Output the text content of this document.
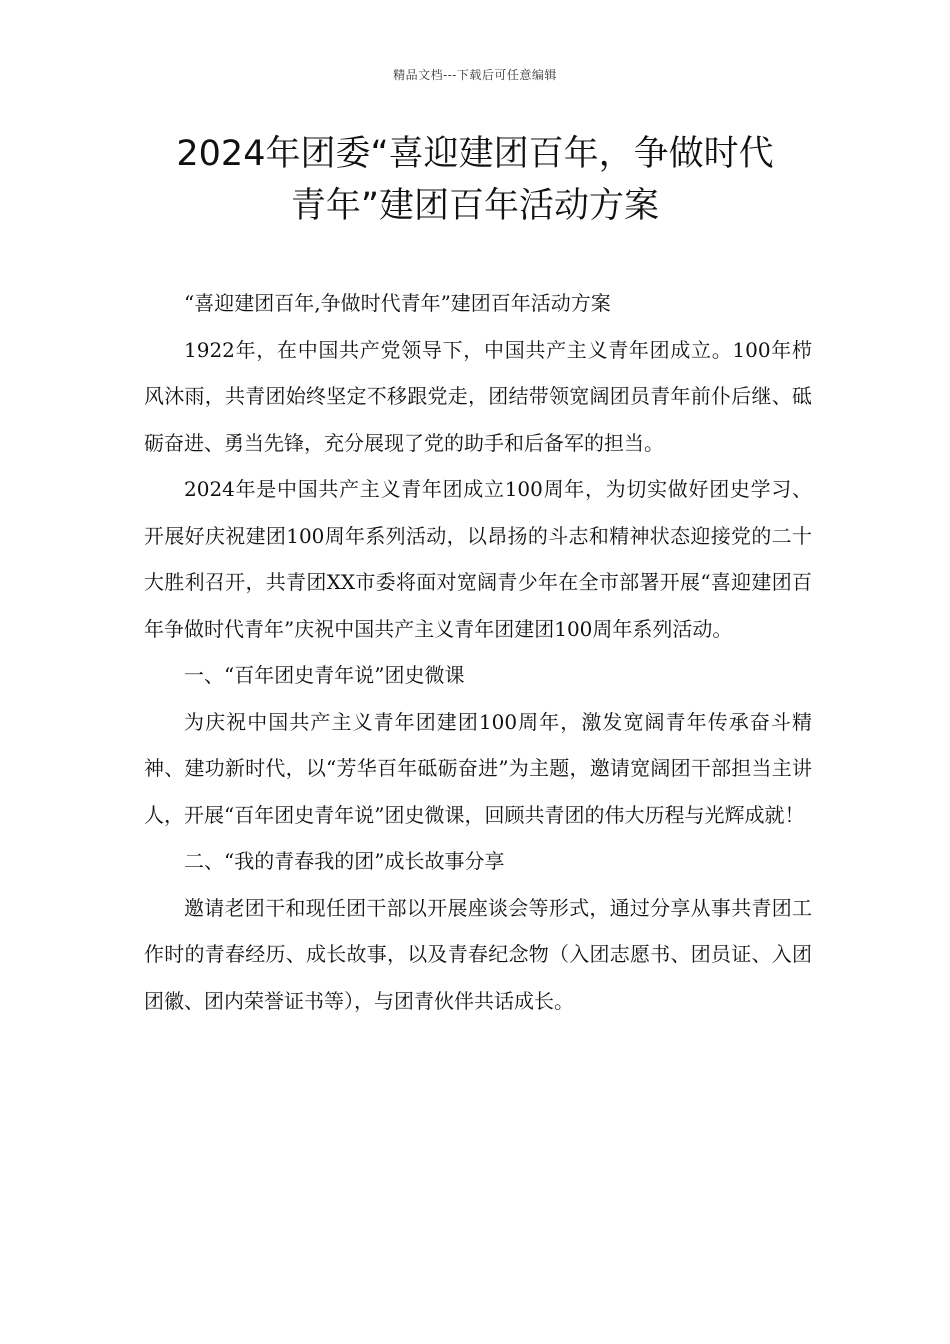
精品文档---下载后可任意编辑
2024年团委“喜迎建团百年，争做时代
青年”建团百年活动方案

“喜迎建团百年,争做时代青年”建团百年活动方案

1922年，在中国共产党领导下，中国共产主义青年团成立。100年栉风沐雨，共青团始终坚定不移跟党走，团结带领宽阔团员青年前仆后继、砥砺奋进、勇当先锋，充分展现了党的助手和后备军的担当。

2024年是中国共产主义青年团成立100周年，为切实做好团史学习、开展好庆祝建团100周年系列活动，以昂扬的斗志和精神状态迎接党的二十大胜利召开，共青团XX市委将面对宽阔青少年在全市部署开展“喜迎建团百年争做时代青年”庆祝中国共产主义青年团建团100周年系列活动。

一、“百年团史青年说”团史微课

为庆祝中国共产主义青年团建团100周年，激发宽阔青年传承奋斗精神、建功新时代，以“芳华百年砥砺奋进”为主题，邀请宽阔团干部担当主讲人，开展“百年团史青年说”团史微课，回顾共青团的伟大历程与光辉成就！

二、“我的青春我的团”成长故事分享

邀请老团干和现任团干部以开展座谈会等形式，通过分享从事共青团工作时的青春经历、成长故事，以及青春纪念物（入团志愿书、团员证、入团团徽、团内荣誉证书等），与团青伙伴共话成长。
